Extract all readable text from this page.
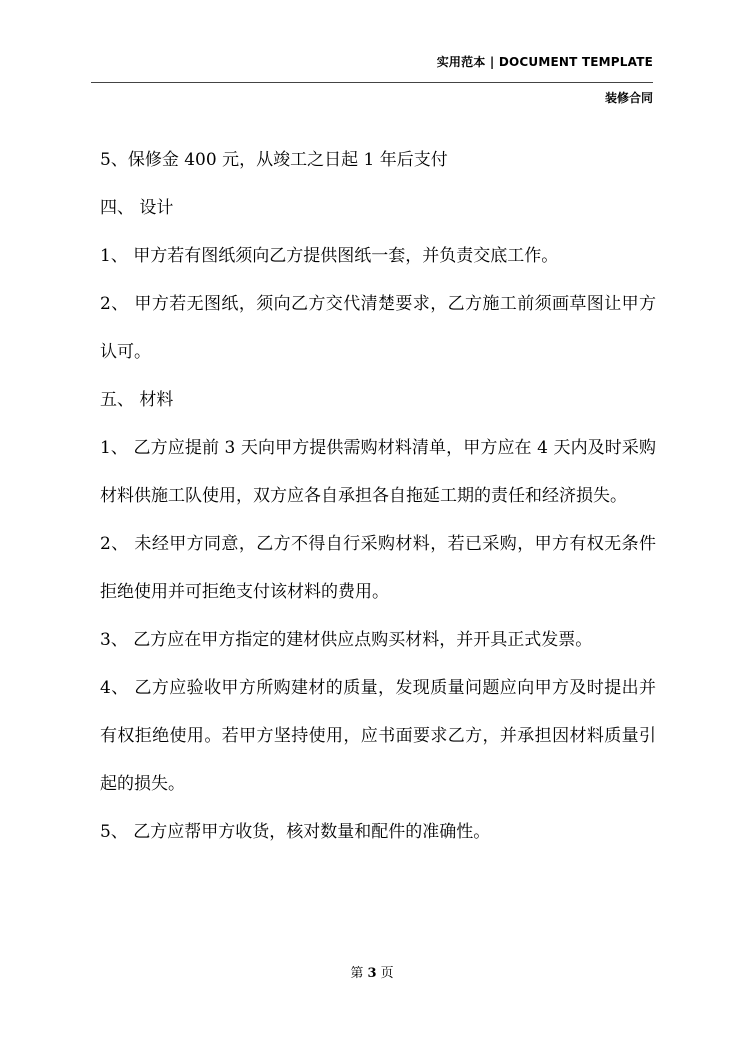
实用范本 | DOCUMENT TEMPLATE
装修合同

5、保修金 400 元，从竣工之日起 1 年后支付

四、 设计

1、 甲方若有图纸须向乙方提供图纸一套，并负责交底工作。

2、 甲方若无图纸，须向乙方交代清楚要求，乙方施工前须画草图让甲方认可。

五、 材料

1、 乙方应提前 3 天向甲方提供需购材料清单，甲方应在 4 天内及时采购材料供施工队使用，双方应各自承担各自拖延工期的责任和经济损失。

2、 未经甲方同意，乙方不得自行采购材料，若已采购，甲方有权无条件拒绝使用并可拒绝支付该材料的费用。

3、 乙方应在甲方指定的建材供应点购买材料，并开具正式发票。

4、 乙方应验收甲方所购建材的质量，发现质量问题应向甲方及时提出并有权拒绝使用。若甲方坚持使用，应书面要求乙方，并承担因材料质量引起的损失。

5、 乙方应帮甲方收货，核对数量和配件的准确性。

第 3 页
